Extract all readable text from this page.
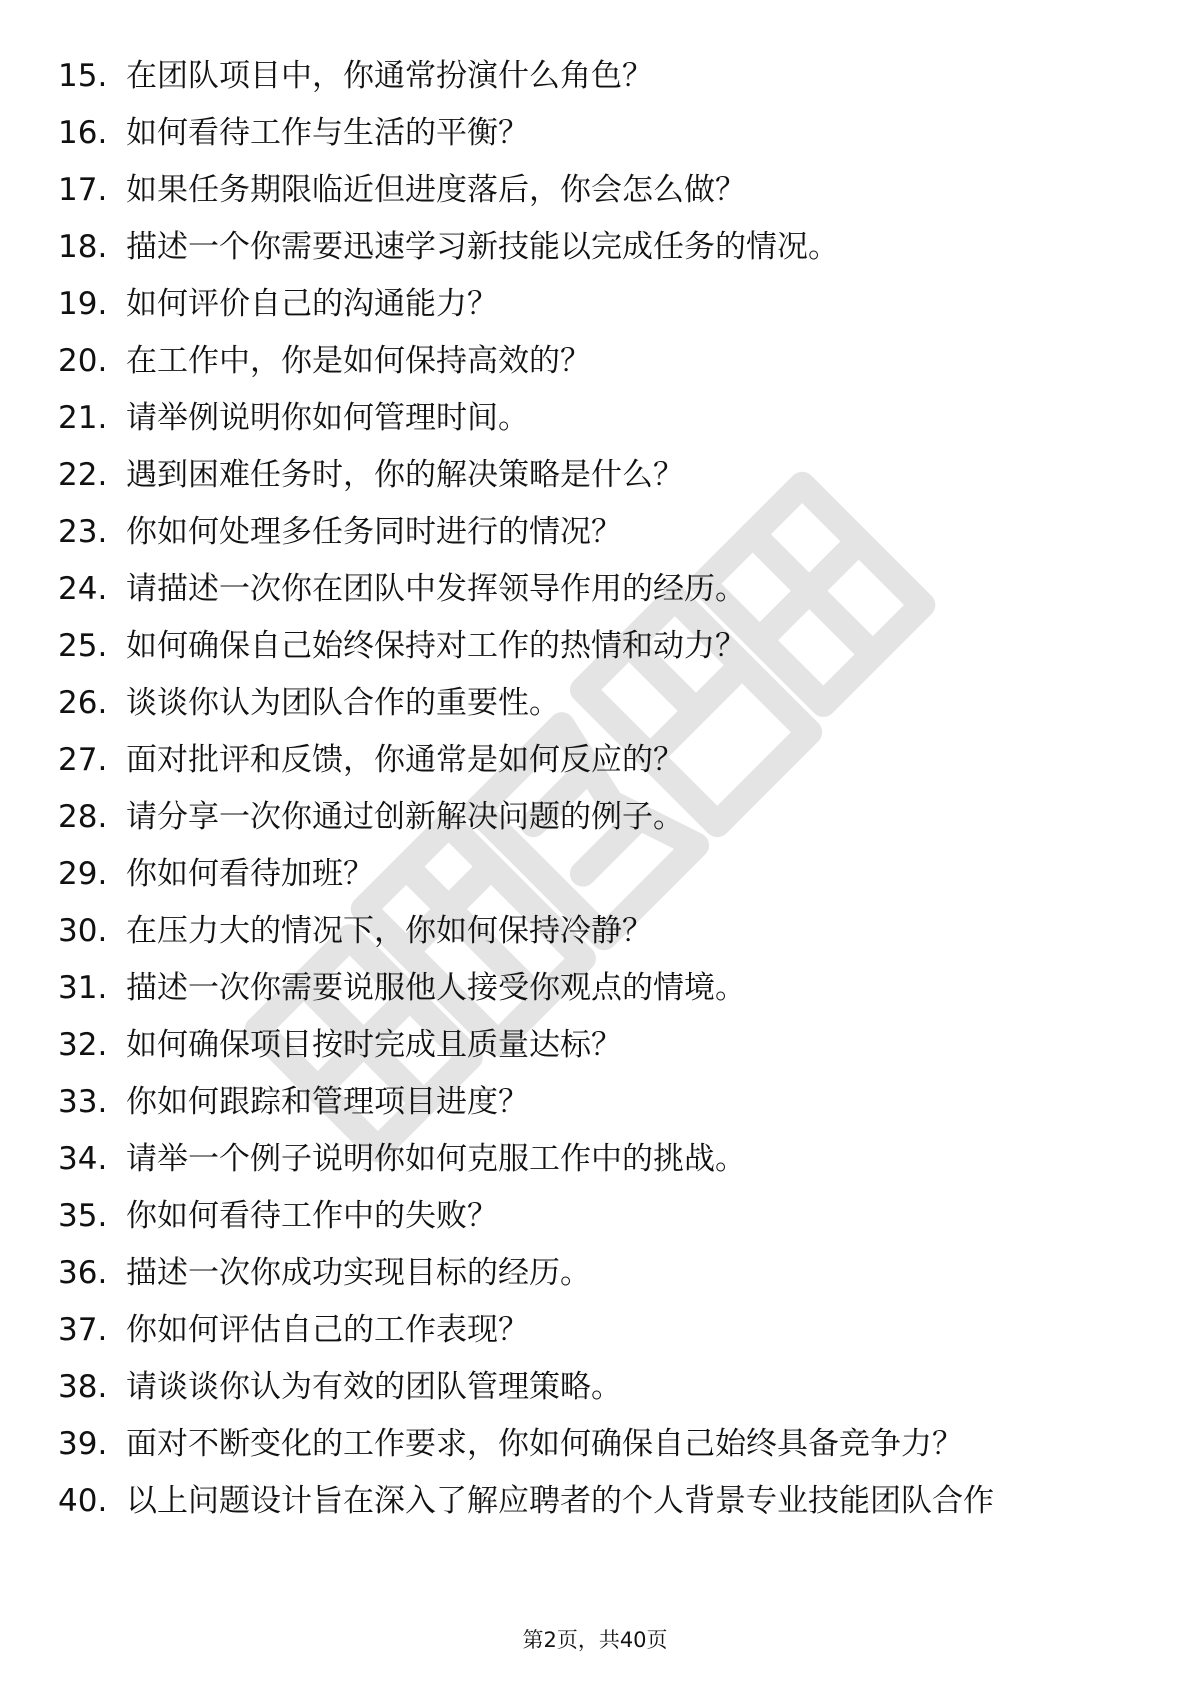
15. 在团队项目中，你通常扮演什么角色？
16. 如何看待工作与生活的平衡？
17. 如果任务期限临近但进度落后，你会怎么做？
18. 描述一个你需要迅速学习新技能以完成任务的情况。
19. 如何评价自己的沟通能力？
20. 在工作中，你是如何保持高效的？
21. 请举例说明你如何管理时间。
22. 遇到困难任务时，你的解决策略是什么？
23. 你如何处理多任务同时进行的情况？
24. 请描述一次你在团队中发挥领导作用的经历。
25. 如何确保自己始终保持对工作的热情和动力？
26. 谈谈你认为团队合作的重要性。
27. 面对批评和反馈，你通常是如何反应的？
28. 请分享一次你通过创新解决问题的例子。
29. 你如何看待加班？
30. 在压力大的情况下，你如何保持冷静？
31. 描述一次你需要说服他人接受你观点的情境。
32. 如何确保项目按时完成且质量达标？
33. 你如何跟踪和管理项目进度？
34. 请举一个例子说明你如何克服工作中的挑战。
35. 你如何看待工作中的失败？
36. 描述一次你成功实现目标的经历。
37. 你如何评估自己的工作表现？
38. 请谈谈你认为有效的团队管理策略。
39. 面对不断变化的工作要求，你如何确保自己始终具备竞争力？
40. 以上问题设计旨在深入了解应聘者的个人背景专业技能团队合作
第2页，共40页
